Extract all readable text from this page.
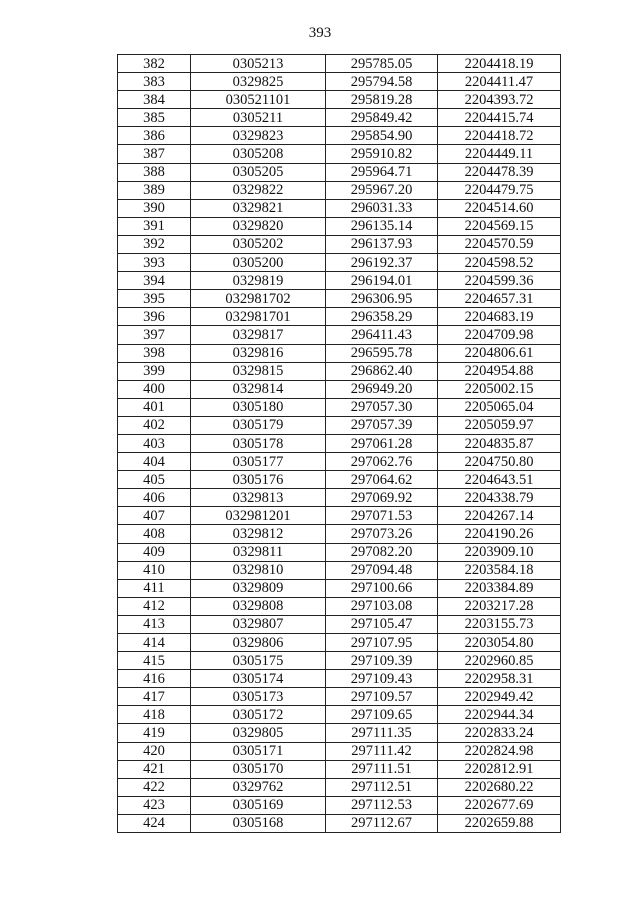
393
382	0305213	295785.05	2204418.19
383	0329825	295794.58	2204411.47
384	030521101	295819.28	2204393.72
385	0305211	295849.42	2204415.74
386	0329823	295854.90	2204418.72
387	0305208	295910.82	2204449.11
388	0305205	295964.71	2204478.39
389	0329822	295967.20	2204479.75
390	0329821	296031.33	2204514.60
391	0329820	296135.14	2204569.15
392	0305202	296137.93	2204570.59
393	0305200	296192.37	2204598.52
394	0329819	296194.01	2204599.36
395	032981702	296306.95	2204657.31
396	032981701	296358.29	2204683.19
397	0329817	296411.43	2204709.98
398	0329816	296595.78	2204806.61
399	0329815	296862.40	2204954.88
400	0329814	296949.20	2205002.15
401	0305180	297057.30	2205065.04
402	0305179	297057.39	2205059.97
403	0305178	297061.28	2204835.87
404	0305177	297062.76	2204750.80
405	0305176	297064.62	2204643.51
406	0329813	297069.92	2204338.79
407	032981201	297071.53	2204267.14
408	0329812	297073.26	2204190.26
409	0329811	297082.20	2203909.10
410	0329810	297094.48	2203584.18
411	0329809	297100.66	2203384.89
412	0329808	297103.08	2203217.28
413	0329807	297105.47	2203155.73
414	0329806	297107.95	2203054.80
415	0305175	297109.39	2202960.85
416	0305174	297109.43	2202958.31
417	0305173	297109.57	2202949.42
418	0305172	297109.65	2202944.34
419	0329805	297111.35	2202833.24
420	0305171	297111.42	2202824.98
421	0305170	297111.51	2202812.91
422	0329762	297112.51	2202680.22
423	0305169	297112.53	2202677.69
424	0305168	297112.67	2202659.88
